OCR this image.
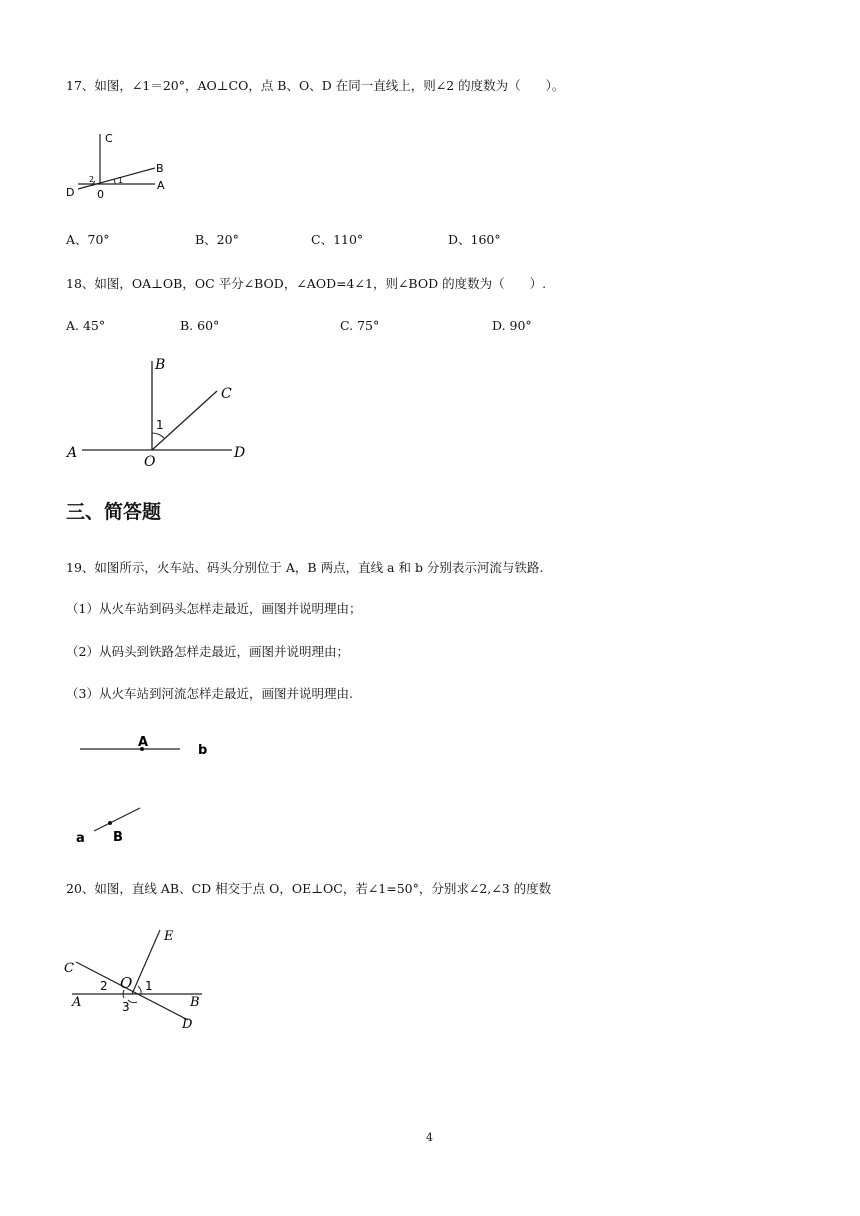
17、如图，∠1＝20°，AO⊥CO，点 B、O、D 在同一直线上，则∠2 的度数为（　　）。
C
B
A
D 0
1
2
A、70°	B、20°	C、110°	D、160°
18、如图，OA⊥OB，OC 平分∠BOD，∠AOD=4∠1，则∠BOD 的度数为（　　）.
A. 45°	B. 60°	C. 75°	D. 90°
B
C
A	D
O
1
三、简答题
19、如图所示，火车站、码头分别位于 A，B 两点，直线 a 和 b 分别表示河流与铁路.
（1）从火车站到码头怎样走最近，画图并说明理由；
（2）从码头到铁路怎样走最近，画图并说明理由；
（3）从火车站到河流怎样走最近，画图并说明理由.
A
b
a B
20、如图，直线 AB、CD 相交于点 O，OE⊥OC，若∠1=50°，分别求∠2,∠3 的度数
C
E
O 1
2
3
A	B
D
4
